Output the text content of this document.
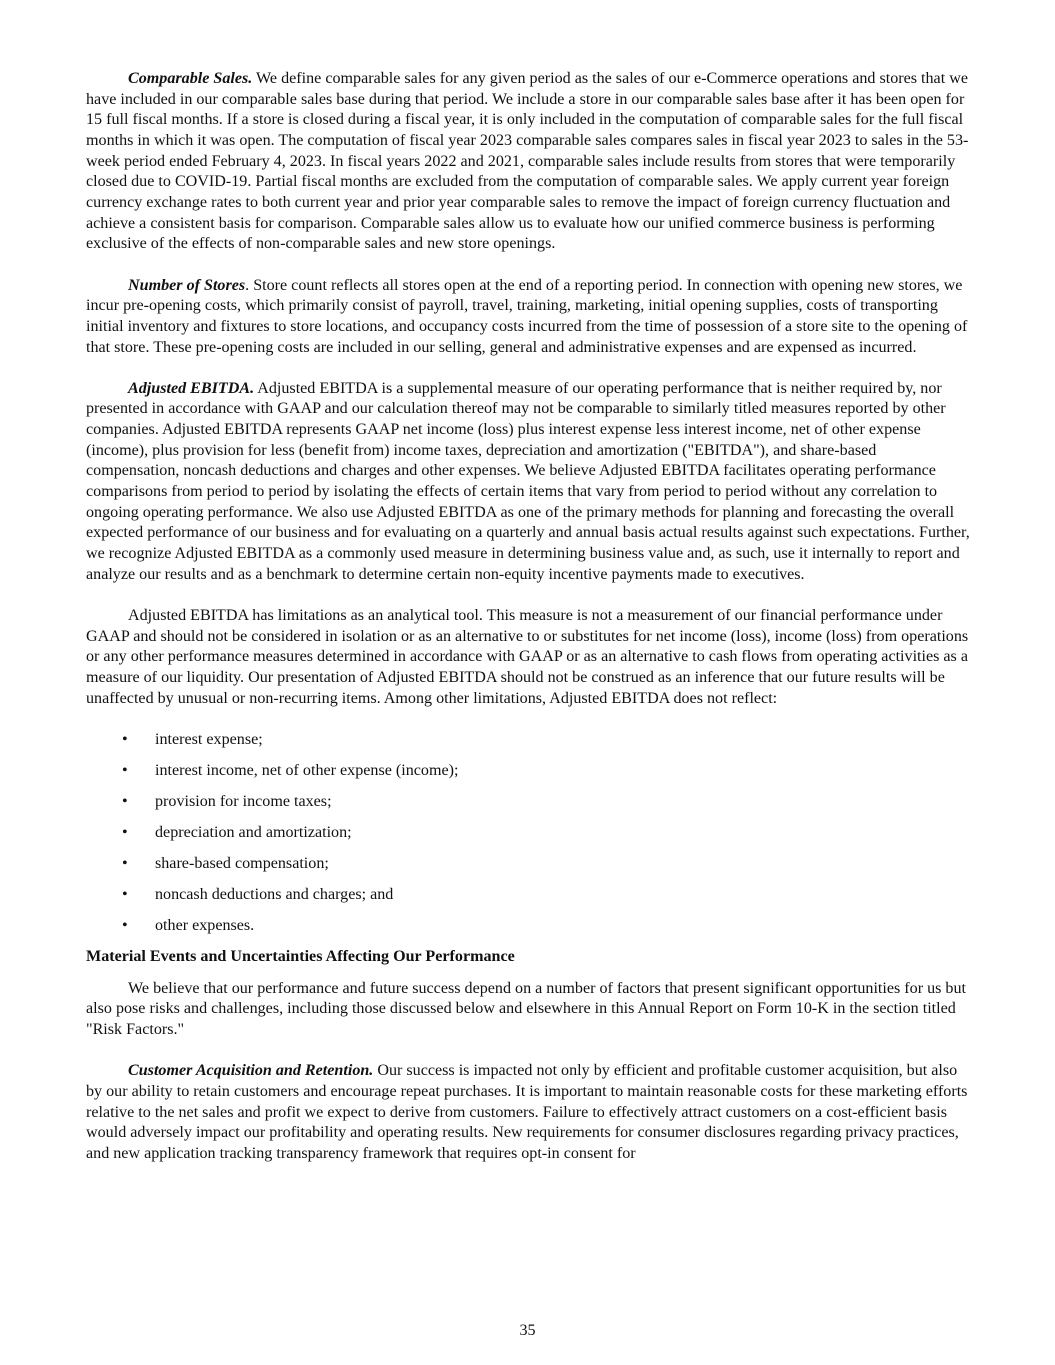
Comparable Sales. We define comparable sales for any given period as the sales of our e-Commerce operations and stores that we have included in our comparable sales base during that period. We include a store in our comparable sales base after it has been open for 15 full fiscal months. If a store is closed during a fiscal year, it is only included in the computation of comparable sales for the full fiscal months in which it was open. The computation of fiscal year 2023 comparable sales compares sales in fiscal year 2023 to sales in the 53-week period ended February 4, 2023. In fiscal years 2022 and 2021, comparable sales include results from stores that were temporarily closed due to COVID-19. Partial fiscal months are excluded from the computation of comparable sales. We apply current year foreign currency exchange rates to both current year and prior year comparable sales to remove the impact of foreign currency fluctuation and achieve a consistent basis for comparison. Comparable sales allow us to evaluate how our unified commerce business is performing exclusive of the effects of non-comparable sales and new store openings.

Number of Stores. Store count reflects all stores open at the end of a reporting period. In connection with opening new stores, we incur pre-opening costs, which primarily consist of payroll, travel, training, marketing, initial opening supplies, costs of transporting initial inventory and fixtures to store locations, and occupancy costs incurred from the time of possession of a store site to the opening of that store. These pre-opening costs are included in our selling, general and administrative expenses and are expensed as incurred.

Adjusted EBITDA. Adjusted EBITDA is a supplemental measure of our operating performance that is neither required by, nor presented in accordance with GAAP and our calculation thereof may not be comparable to similarly titled measures reported by other companies. Adjusted EBITDA represents GAAP net income (loss) plus interest expense less interest income, net of other expense (income), plus provision for less (benefit from) income taxes, depreciation and amortization ("EBITDA"), and share-based compensation, noncash deductions and charges and other expenses. We believe Adjusted EBITDA facilitates operating performance comparisons from period to period by isolating the effects of certain items that vary from period to period without any correlation to ongoing operating performance. We also use Adjusted EBITDA as one of the primary methods for planning and forecasting the overall expected performance of our business and for evaluating on a quarterly and annual basis actual results against such expectations. Further, we recognize Adjusted EBITDA as a commonly used measure in determining business value and, as such, use it internally to report and analyze our results and as a benchmark to determine certain non-equity incentive payments made to executives.

Adjusted EBITDA has limitations as an analytical tool. This measure is not a measurement of our financial performance under GAAP and should not be considered in isolation or as an alternative to or substitutes for net income (loss), income (loss) from operations or any other performance measures determined in accordance with GAAP or as an alternative to cash flows from operating activities as a measure of our liquidity. Our presentation of Adjusted EBITDA should not be construed as an inference that our future results will be unaffected by unusual or non-recurring items. Among other limitations, Adjusted EBITDA does not reflect:

• interest expense;
• interest income, net of other expense (income);
• provision for income taxes;
• depreciation and amortization;
• share-based compensation;
• noncash deductions and charges; and
• other expenses.

Material Events and Uncertainties Affecting Our Performance

We believe that our performance and future success depend on a number of factors that present significant opportunities for us but also pose risks and challenges, including those discussed below and elsewhere in this Annual Report on Form 10-K in the section titled "Risk Factors."

Customer Acquisition and Retention. Our success is impacted not only by efficient and profitable customer acquisition, but also by our ability to retain customers and encourage repeat purchases. It is important to maintain reasonable costs for these marketing efforts relative to the net sales and profit we expect to derive from customers. Failure to effectively attract customers on a cost-efficient basis would adversely impact our profitability and operating results. New requirements for consumer disclosures regarding privacy practices, and new application tracking transparency framework that requires opt-in consent for

35
